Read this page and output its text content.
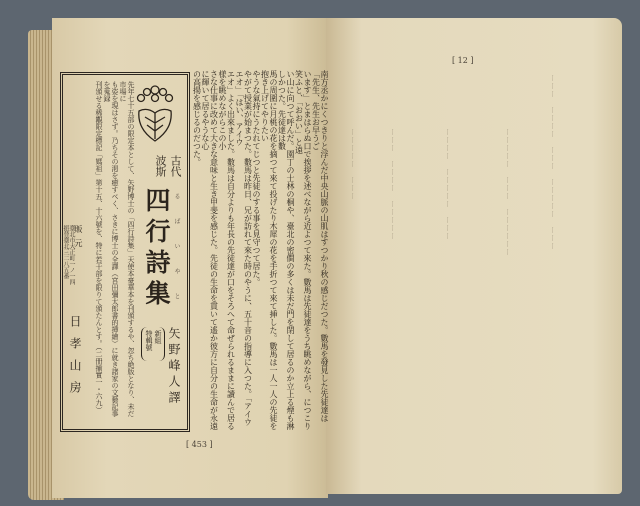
ーーー　ーーーー　ーーー　ーーーーー　ーーー
ーーーーー　ーーー　ーーーーーー
ーーーー　ーーーーー　ーーー
ーーー　ーーーー　ーーーーー
ーーーーー　ーーー
[ 12 ]
古代
波斯
四行詩集 るばいやと
新組
特輯號 矢野峰人譯

先年七十五部の限定本として、矢野博士の「四行詩集」天使本豪華本を刊頒するや、忽ち絶版となり、未だ市場に

も姿を現はさず。乃ちその渇を癒すべく、さきに博士の全譯（宮田彌太郎書的挿繪）に就き諸家の文藝記事を蒐録

刊頒せる稀覯限定標記「媽祖」第十五、十六號を、特に若干部を限りて頒たんとす。（二冊揃實一・六九）

販元
臺北市大正町一ノ一四
振替臺北三二八五番
日孝山房	南方丞かにくつきりと浮んだ中央山脈の山肌はすつかり秋の感じだつた。數馬を發見した先徒達は「先生、先生お早うご

います」とまはらぬ口で挨拶を述べながら近よつて來た。數馬は先徒達をうち眺めながら、につこり笑ふと、「おおい」と遠

い山に向つて呼んだ。園丁の士林の桐や、臺北の密僴の多くは未だ門を閉して居るのか立上る煙も淋しかつた。先徒達は數

馬の周圍に月桃の花を摘つて來て投げたり木犀の花を手折つて來て挿した。數馬は一人一人の先徒を抱き上げてやりたい

やうな氣持にうたれてじつと先徒のする事を見守つて居た。

やがて授業が始まつた。數馬は昨日、兄が訪れて來た時のやうに、五十音の指導に入つた。「アイウエオ」「はい、アイウ

エオ」よく出來ました。數馬は自分よりも年長の先徒達が口をそろへて命ぜられるままに讀んで居る様を眺めながらこの小

さな仕事に改めて大きな意味と生き甲斐を感じた。先徒の生命を貫いて遙か彼方に自分の生命が永遠に輝いて居るやうな心

の高揚を感じるのだつた。

[ 453 ]
